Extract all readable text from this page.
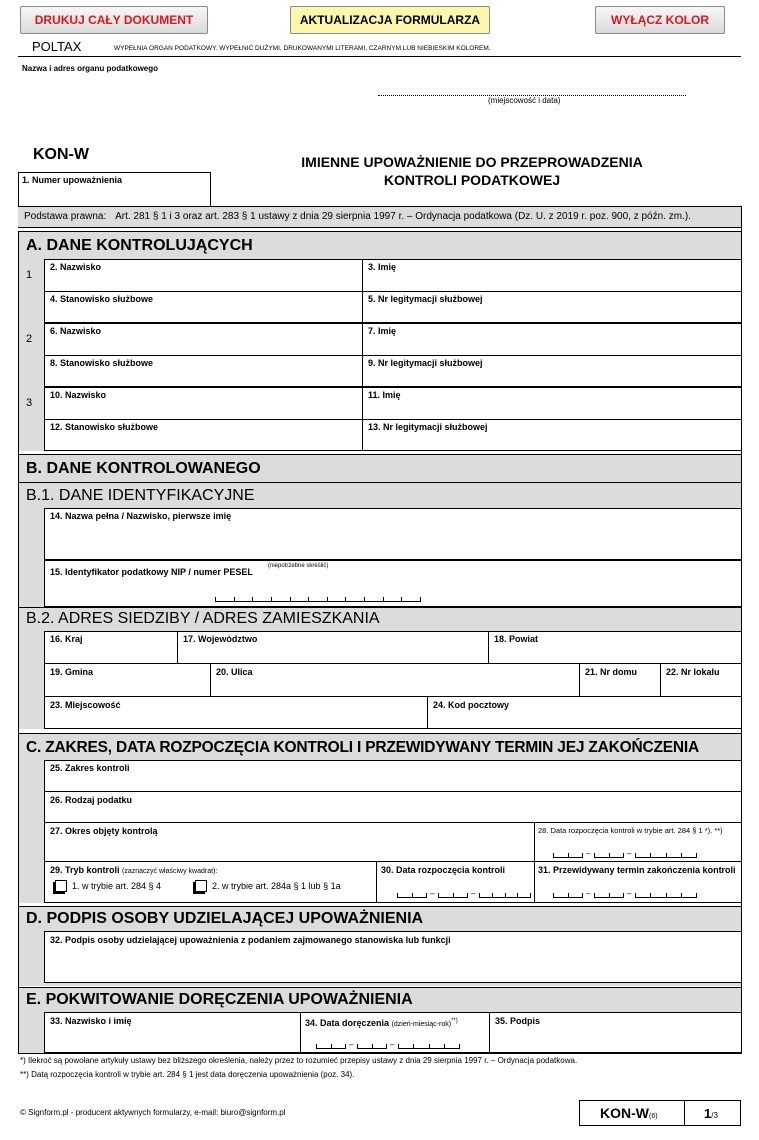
DRUKUJ CAŁY DOKUMENT	AKTUALIZACJA FORMULARZA	WYŁĄCZ KOLOR
POLTAX	WYPEŁNIA ORGAN PODATKOWY. WYPEŁNIĆ DUŻYMI, DRUKOWANYMI LITERAMI, CZARNYM LUB NIEBIESKIM KOLOREM.
Nazwa i adres organu podatkowego
(miejscowość i data)
KON-W	IMIENNE UPOWAŻNIENIE DO PRZEPROWADZENIA
KONTROLI PODATKOWEJ
1. Numer upoważnienia
Podstawa prawna: Art. 281 § 1 i 3 oraz art. 283 § 1 ustawy z dnia 29 sierpnia 1997 r. – Ordynacja podatkowa (Dz. U. z 2019 r. poz. 900, z późn. zm.).
A. DANE KONTROLUJĄCYCH
1
2. Nazwisko	3. Imię
4. Stanowisko służbowe	5. Nr legitymacji służbowej
2
6. Nazwisko	7. Imię
8. Stanowisko służbowe	9. Nr legitymacji służbowej
3
10. Nazwisko	11. Imię
12. Stanowisko służbowe	13. Nr legitymacji służbowej
B. DANE KONTROLOWANEGO
B.1. DANE IDENTYFIKACYJNE
14. Nazwa pełna / Nazwisko, pierwsze imię
15. Identyfikator podatkowy NIP / numer PESEL
(niepotrzebne skreślić)
B.2. ADRES SIEDZIBY / ADRES ZAMIESZKANIA
16. Kraj	17. Województwo	18. Powiat
19. Gmina	20. Ulica	21. Nr domu	22. Nr lokalu
23. Miejscowość	24. Kod pocztowy
C. ZAKRES, DATA ROZPOCZĘCIA KONTROLI I PRZEWIDYWANY TERMIN JEJ ZAKOŃCZENIA
25. Zakres kontroli
26. Rodzaj podatku
27. Okres objęty kontrolą	28. Data rozpoczęcia kontroli w trybie art. 284 § 1 *). **)
–	–
29. Tryb kontroli (zaznaczyć właściwy kwadrat):
1. w trybie art. 284 § 4	2. w trybie art. 284a § 1 lub § 1a
30. Data rozpoczęcia kontroli
–	–
31. Przewidywany termin zakończenia kontroli
–	–
D. PODPIS OSOBY UDZIELAJĄCEJ UPOWAŻNIENIA
32. Podpis osoby udzielającej upoważnienia z podaniem zajmowanego stanowiska lub funkcji
E. POKWITOWANIE DORĘCZENIA UPOWAŻNIENIA
33. Nazwisko i imię	34. Data doręczenia (dzień-miesiąc-rok)**)
–	–
35. Podpis
*) Ilekroć są powołane artykuły ustawy bez bliższego określenia, należy przez to rozumieć przepisy ustawy z dnia 29 sierpnia 1997 r. – Ordynacja podatkowa.
**) Datą rozpoczęcia kontroli w trybie art. 284 § 1 jest data doręczenia upoważnienia (poz. 34).
© Signform.pl - producent aktywnych formularzy, e-mail: biuro@signform.pl	KON-W(6)	1/3
